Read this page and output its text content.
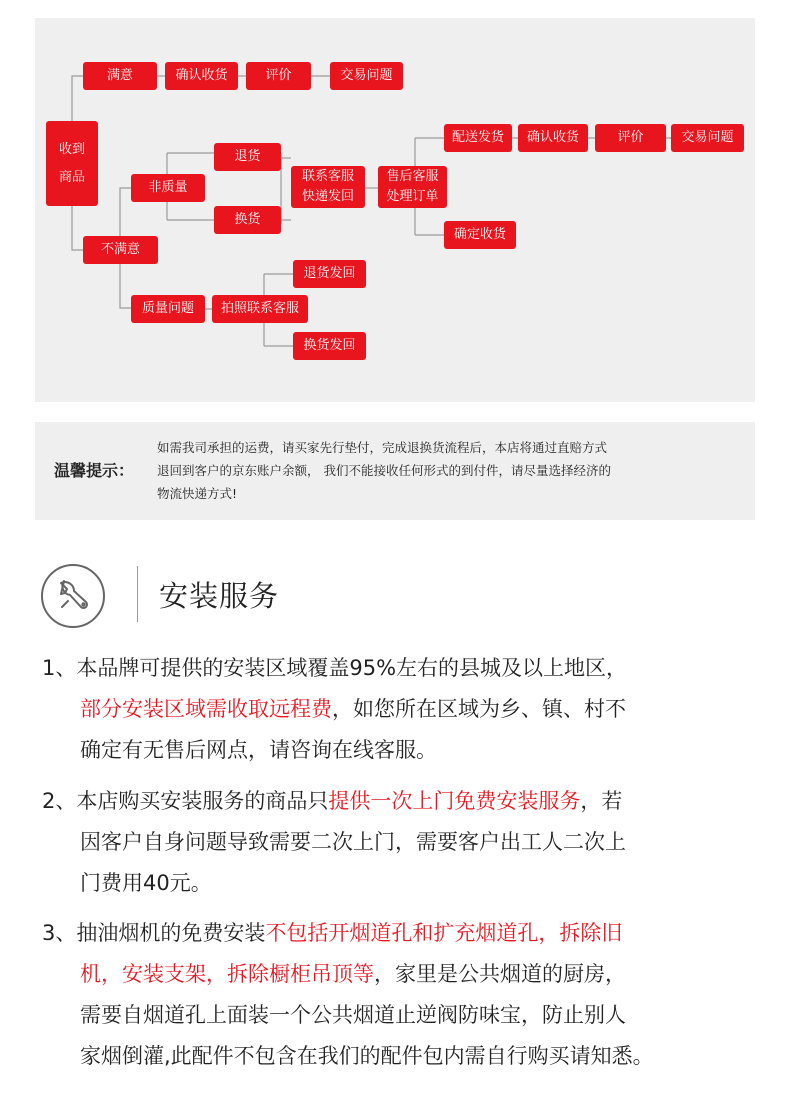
收到
商品
满意	确认收货	评价	交易问题
不满意
非质量
退货
换货
联系客服
快递发回
售后客服
处理订单
配送发货 确认收货	评价	交易问题
确定收货
质量问题 拍照联系客服
退货发回
换货发回
温馨提示：
如需我司承担的运费，请买家先行垫付，完成退换货流程后，本店将通过直赔方式
退回到客户的京东账户余额， 我们不能接收任何形式的到付件，请尽量选择经济的
物流快递方式!
安装服务
1、本品牌可提供的安装区域覆盖95%左右的县城及以上地区，
部分安装区域需收取远程费，如您所在区域为乡、镇、村不
确定有无售后网点，请咨询在线客服。
2、本店购买安装服务的商品只提供一次上门免费安装服务，若
因客户自身问题导致需要二次上门，需要客户出工人二次上
门费用40元。
3、抽油烟机的免费安装不包括开烟道孔和扩充烟道孔，拆除旧
机，安装支架，拆除橱柜吊顶等，家里是公共烟道的厨房，
需要自烟道孔上面装一个公共烟道止逆阀防味宝，防止别人
家烟倒灌,此配件不包含在我们的配件包内需自行购买请知悉。
